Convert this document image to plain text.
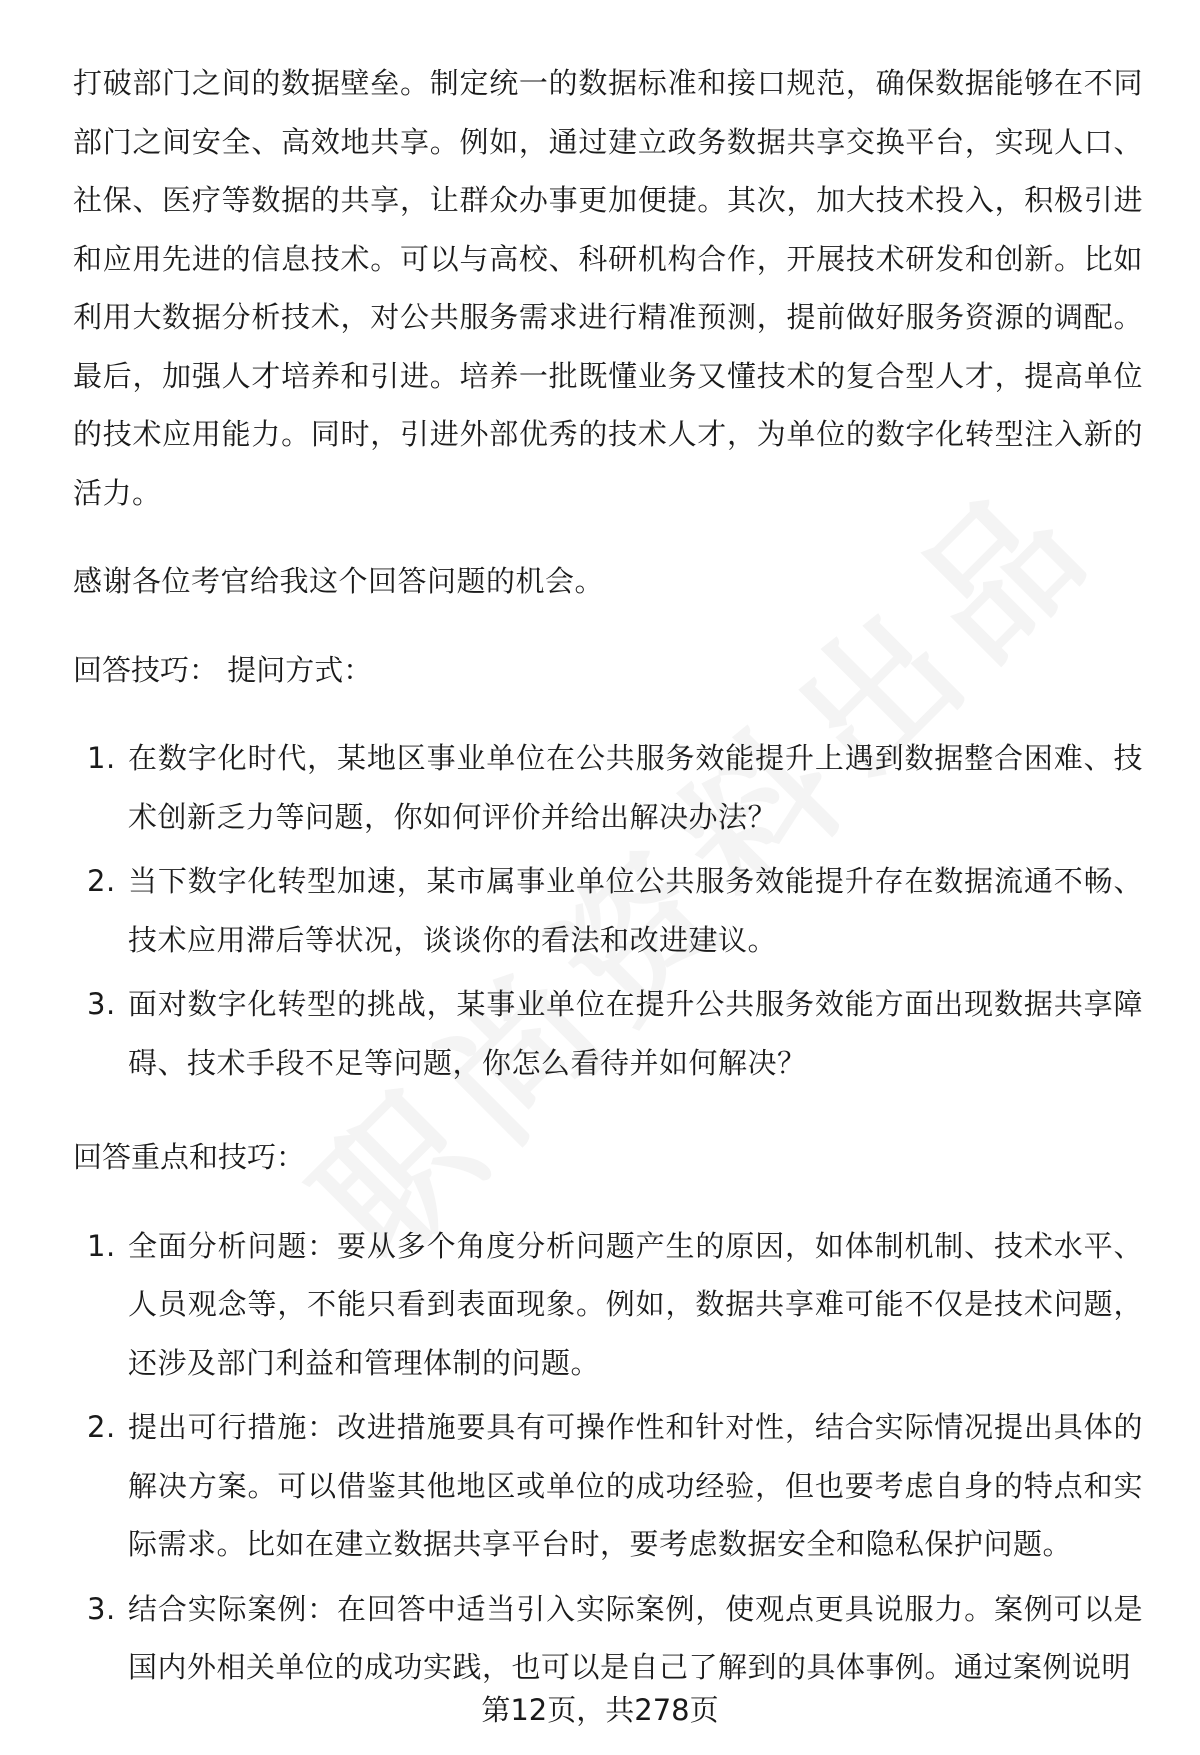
打破部门之间的数据壁垒。制定统一的数据标准和接口规范，确保数据能够在不同部门之间安全、高效地共享。例如，通过建立政务数据共享交换平台，实现人口、社保、医疗等数据的共享，让群众办事更加便捷。其次，加大技术投入，积极引进和应用先进的信息技术。可以与高校、科研机构合作，开展技术研发和创新。比如利用大数据分析技术，对公共服务需求进行精准预测，提前做好服务资源的调配。最后，加强人才培养和引进。培养一批既懂业务又懂技术的复合型人才，提高单位的技术应用能力。同时，引进外部优秀的技术人才，为单位的数字化转型注入新的活力。

感谢各位考官给我这个回答问题的机会。

回答技巧： 提问方式：

1. 在数字化时代，某地区事业单位在公共服务效能提升上遇到数据整合困难、技术创新乏力等问题，你如何评价并给出解决办法？
2. 当下数字化转型加速，某市属事业单位公共服务效能提升存在数据流通不畅、技术应用滞后等状况，谈谈你的看法和改进建议。
3. 面对数字化转型的挑战，某事业单位在提升公共服务效能方面出现数据共享障碍、技术手段不足等问题，你怎么看待并如何解决？

回答重点和技巧：

1. 全面分析问题：要从多个角度分析问题产生的原因，如体制机制、技术水平、人员观念等，不能只看到表面现象。例如，数据共享难可能不仅是技术问题，还涉及部门利益和管理体制的问题。
2. 提出可行措施：改进措施要具有可操作性和针对性，结合实际情况提出具体的解决方案。可以借鉴其他地区或单位的成功经验，但也要考虑自身的特点和实际需求。比如在建立数据共享平台时，要考虑数据安全和隐私保护问题。
3. 结合实际案例：在回答中适当引入实际案例，使观点更具说服力。案例可以是国内外相关单位的成功实践，也可以是自己了解到的具体事例。通过案例说明
第12页，共278页
